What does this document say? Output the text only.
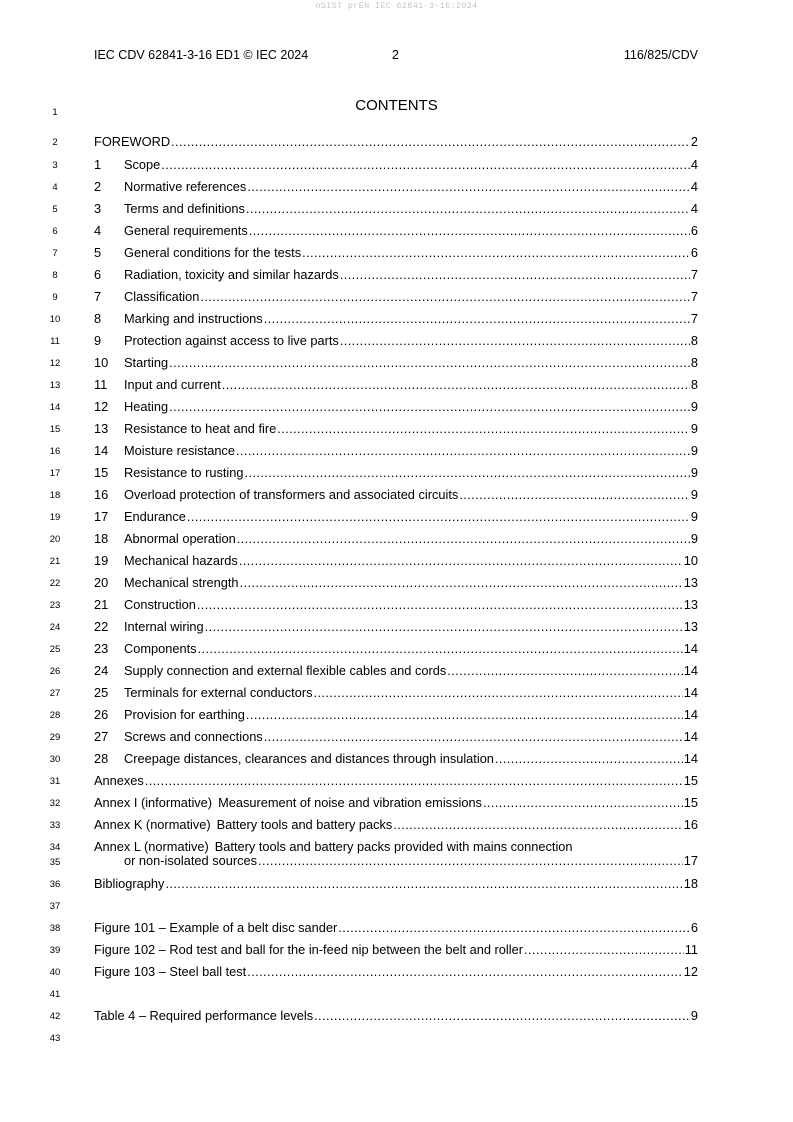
oSIST prEN IEC 62841-3-16:2024
IEC CDV 62841-3-16 ED1 © IEC 2024	2	116/825/CDV
CONTENTS
1
2
3
4
5
6
7
8
9
10
11
12
13
14
15
16
17
18
19
20
21
22
23
24
25
26
27
28
29
30
31
32
33
34
35
36
37
38
39
40
41
42
43
FOREWORD .....	2
1	Scope .....	4
2	Normative references .....	4
3	Terms and definitions .....	4
4	General requirements .....	6
5	General conditions for the tests .....	6
6	Radiation, toxicity and similar hazards .....	7
7	Classification .....	7
8	Marking and instructions .....	7
9	Protection against access to live parts .....	8
10	Starting .....	8
11	Input and current .....	8
12	Heating .....	9
13	Resistance to heat and fire .....	9
14	Moisture resistance .....	9
15	Resistance to rusting .....	9
16	Overload protection of transformers and associated circuits .....	9
17	Endurance .....	9
18	Abnormal operation .....	9
19	Mechanical hazards .....	10
20	Mechanical strength .....	13
21	Construction .....	13
22	Internal wiring .....	13
23	Components .....	14
24	Supply connection and external flexible cables and cords .....	14
25	Terminals for external conductors .....	14
26	Provision for earthing .....	14
27	Screws and connections .....	14
28	Creepage distances, clearances and distances through insulation .....	14
Annexes .....	15
Annex I (informative) Measurement of noise and vibration emissions .....	15
Annex K (normative) Battery tools and battery packs .....	16
Annex L (normative) Battery tools and battery packs provided with mains connection
or non-isolated sources .....	17
Bibliography .....	18
Figure 101 – Example of a belt disc sander .....	6
Figure 102 – Rod test and ball for the in-feed nip between the belt and roller .....	11
Figure 103 – Steel ball test .....	12
Table 4 – Required performance levels .....	9
